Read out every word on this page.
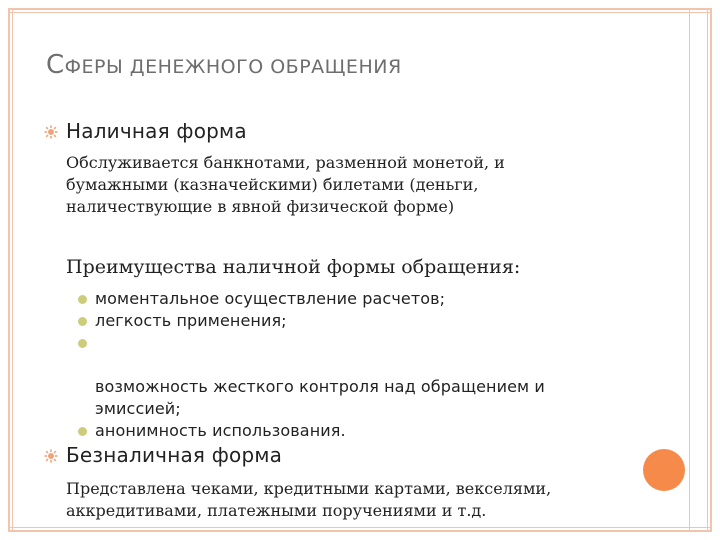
СФЕРЫ ДЕНЕЖНОГО ОБРАЩЕНИЯ
Наличная форма
Обслуживается банкнотами, разменной монетой, и
бумажными (казначейскими) билетами (деньги,
наличествующие в явной физической форме)
Преимущества наличной формы обращения:
моментальное осуществление расчетов;
легкость применения;

возможность жесткого контроля над обращением и
эмиссией;

анонимность использования.
Безналичная форма
Представлена чеками, кредитными картами, векселями,
аккредитивами, платежными поручениями и т.д.
